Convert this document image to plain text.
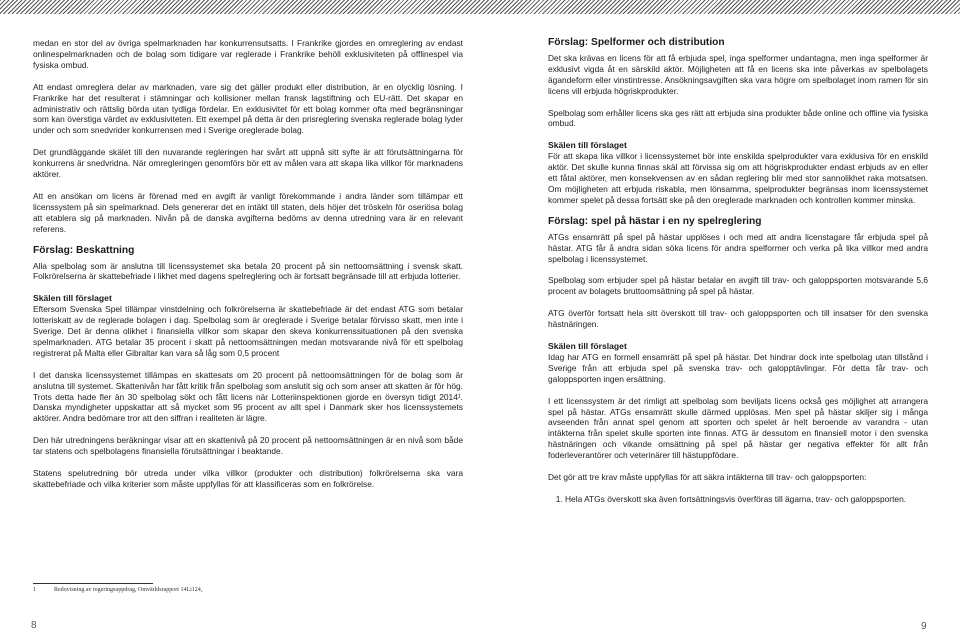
medan en stor del av övriga spelmarknaden har konkurrensutsatts. I Frankrike gjordes en omreglering av endast onlinespelmarknaden och de bolag som tidigare var reglerade i Frankrike behöll exklusiviteten på offlinespel via fysiska ombud.

Att endast omreglera delar av marknaden, vare sig det gäller produkt eller distribution, är en olycklig lösning. I Frankrike har det resulterat i stämningar och kollisioner mellan fransk lagstiftning och EU-rätt. Det skapar en administrativ och rättslig börda utan tydliga fördelar. En exklusivitet för ett bolag kommer ofta med begränsningar som kan överstiga värdet av exklusiviteten. Ett exempel på detta är den prisreglering svenska reglerade bolag lyder under och som snedvrider konkurrensen med i Sverige oreglerade bolag.

Det grundläggande skälet till den nuvarande regleringen har svårt att uppnå sitt syfte är att förutsättningarna för konkurrens är snedvridna. När omregleringen genomförs bör ett av målen vara att skapa lika villkor för marknadens aktörer.

Att en ansökan om licens är förenad med en avgift är vanligt förekommande i andra länder som tillämpar ett licenssystem på sin spelmarknad. Dels genererar det en intäkt till staten, dels höjer det tröskeln för oseriösa bolag att etablera sig på marknaden. Nivån på de danska avgifterna bedöms av denna utredning vara är en relevant referens.

Förslag: Beskattning

Alla spelbolag som är anslutna till licenssystemet ska betala 20 procent på sin nettoomsättning i svensk skatt. Folkrörelserna är skattebefriade i likhet med dagens spelreglering och är fortsatt begränsade till att erbjuda lotterier.

Skälen till förslaget

Eftersom Svenska Spel tillämpar vinstdelning och folkrörelserna är skattebefriade är det endast ATG som betalar lotteriskatt av de reglerade bolagen i dag. Spelbolag som är oreglerade i Sverige betalar förvisso skatt, men inte i Sverige. Det är denna olikhet i finansiella villkor som skapar den skeva konkurrenssituationen på den svenska spelmarknaden. ATG betalar 35 procent i skatt på nettoomsättningen medan motsvarande nivå för ett spelbolag registrerat på Malta eller Gibraltar kan vara så låg som 0,5 procent

I det danska licenssystemet tillämpas en skattesats om 20 procent på nettoomsättningen för de bolag som är anslutna till systemet. Skattenivån har fått kritik från spelbolag som anslutit sig och som anser att skatten är för hög. Trots detta hade fler än 30 spelbolag sökt och fått licens när Lotteriinspektionen gjorde en översyn tidigt 2014¹. Danska myndigheter uppskattar att så mycket som 95 procent av allt spel i Danmark sker hos licenssystemets aktörer. Andra bedömare tror att den siffran i realiteten är lägre.

Den här utredningens beräkningar visar att en skattenivå på 20 procent på nettoomsättningen är en nivå som både tar statens och spelbolagens finansiella förutsättningar i beaktande.

Statens spelutredning bör utreda under vilka villkor (produkter och distribution) folkrörelserna ska vara skattebefriade och vilka kriterier som måste uppfyllas för att klassificeras som en folkrörelse.

1	Redovisning av regeringsuppdrag, Omvärldsrapport 14Li124,
Förslag: Spelformer och distribution

Det ska krävas en licens för att få erbjuda spel, inga spelformer undantagna, men inga spelformer är exklusivt vigda åt en särskild aktör. Möjligheten att få en licens ska inte påverkas av spelbolagets ägandeform eller vinstintresse. Ansökningsavgiften ska vara högre om spelbolaget inom ramen för sin licens vill erbjuda högriskprodukter.

Spelbolag som erhåller licens ska ges rätt att erbjuda sina produkter både online och offline via fysiska ombud.

Skälen till förslaget

För att skapa lika villkor i licenssystemet bör inte enskilda spelprodukter vara exklusiva för en enskild aktör. Det skulle kunna finnas skäl att förvissa sig om att högriskprodukter endast erbjuds av en eller ett fåtal aktörer, men konsekvensen av en sådan reglering blir med stor sannolikhet raka motsatsen. Om möjligheten att erbjuda riskabla, men lönsamma, spelprodukter begränsas inom licenssystemet kommer spelet på dessa fortsätt ske på den oreglerade marknaden och kontrollen kommer minska.

Förslag: spel på hästar i en ny spelreglering

ATGs ensamrätt på spel på hästar upplöses i och med att andra licenstagare får erbjuda spel på hästar. ATG får å andra sidan söka licens för andra spelformer och verka på lika villkor med andra spelbolag i licenssystemet.

Spelbolag som erbjuder spel på hästar betalar en avgift till trav- och galoppsporten motsvarande 5,6 procent av bolagets bruttoomsättning på spel på hästar.

ATG överför fortsatt hela sitt överskott till trav- och galoppsporten och till insatser för den svenska hästnäringen.

Skälen till förslaget

Idag har ATG en formell ensamrätt på spel på hästar. Det hindrar dock inte spelbolag utan tillstånd i Sverige från att erbjuda spel på svenska trav- och galopptävlingar. För detta får trav- och galoppsporten ingen ersättning.

I ett licenssystem är det rimligt att spelbolag som beviljats licens också ges möjlighet att arrangera spel på hästar. ATGs ensamrätt skulle därmed upplösas. Men spel på hästar skiljer sig i många avseenden från annat spel genom att sporten och spelet är helt beroende av varandra - utan intäkterna från spelet skulle sporten inte finnas. ATG är dessutom en finansiell motor i den svenska hästnäringen och vikande omsättning på spel på hästar ger negativa effekter för allt från foderleverantörer och veterinärer till hästuppfödare.

Det gör att tre krav måste uppfyllas för att säkra intäkterna till trav- och galoppsporten:

1. Hela ATGs överskott ska även fortsättningsvis överföras till ägarna, trav- och galoppsporten.
8	9
